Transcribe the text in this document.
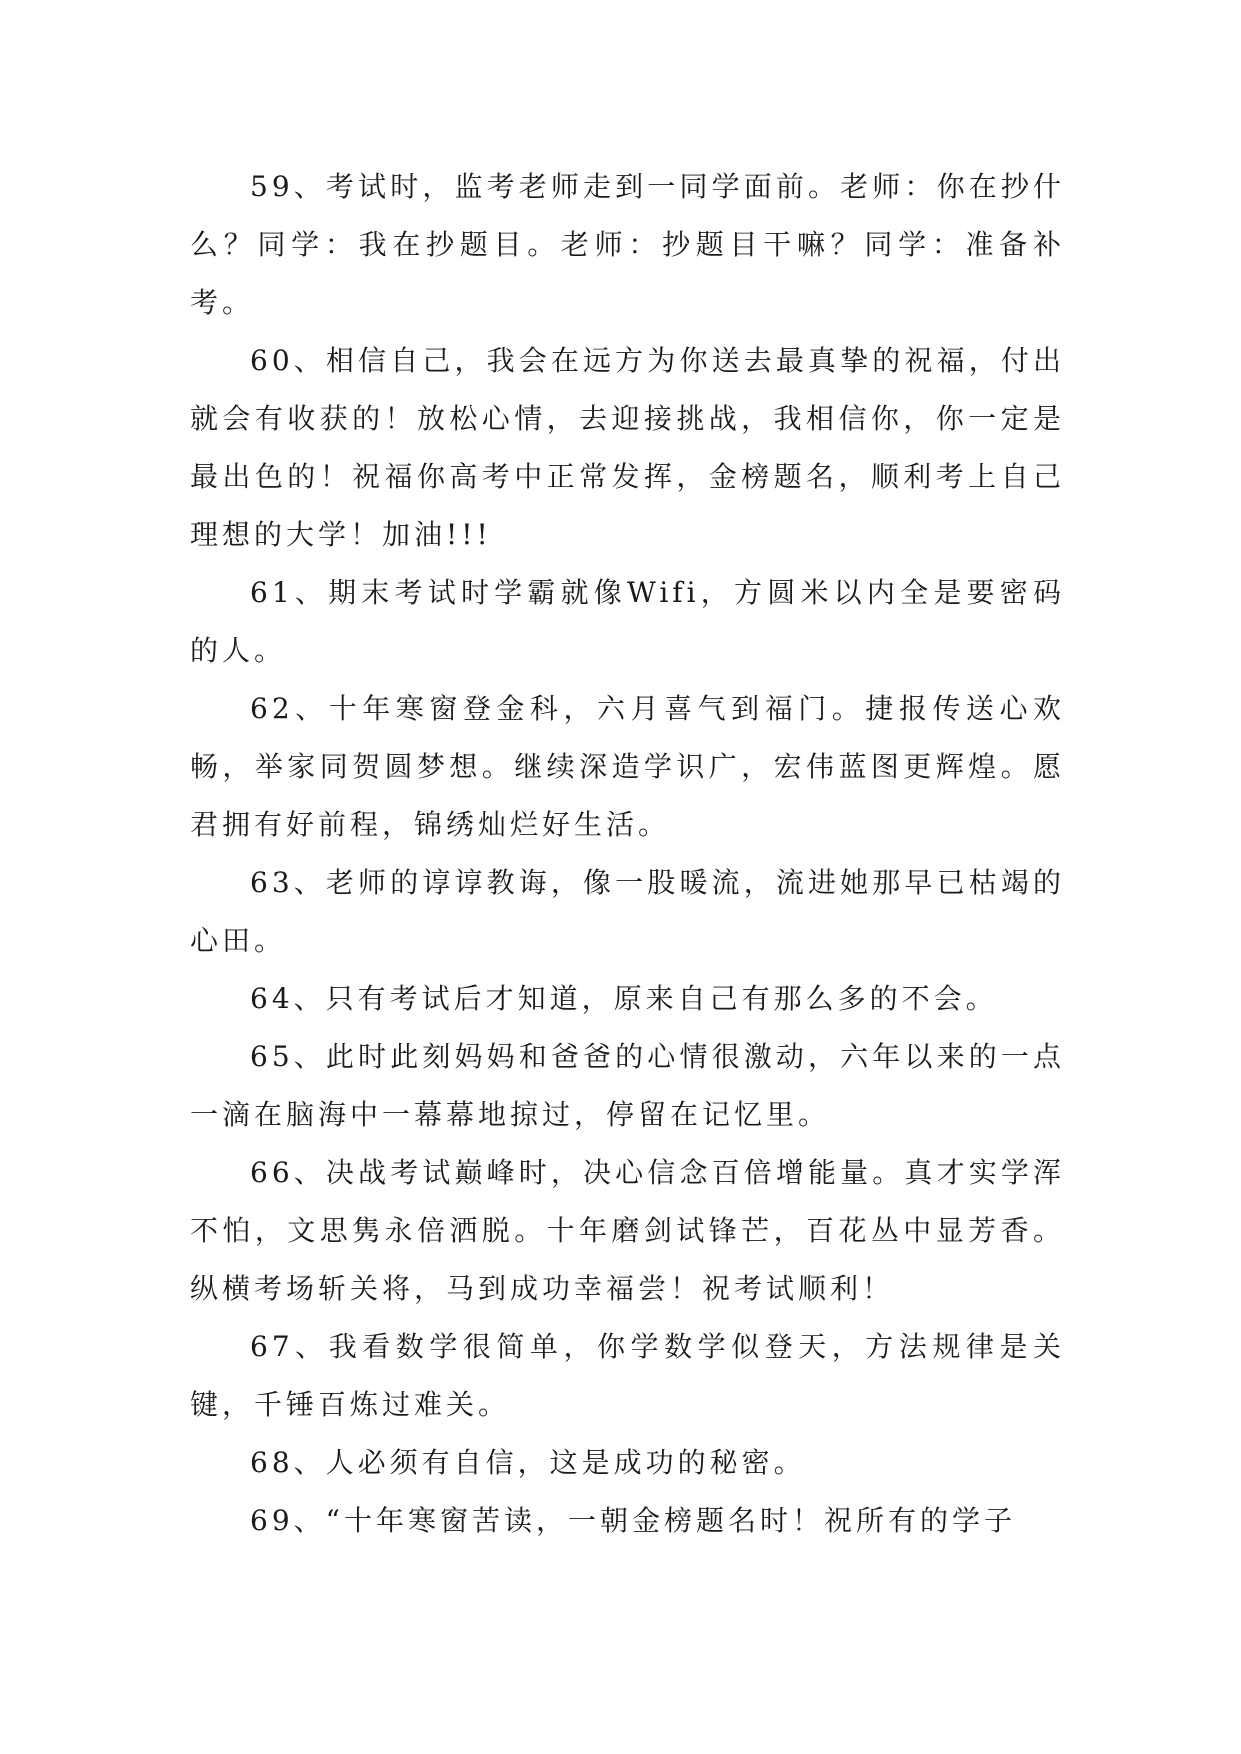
59、考试时，监考老师走到一同学面前。老师：你在抄什么？同学：我在抄题目。老师：抄题目干嘛？同学：准备补考。

60、相信自己，我会在远方为你送去最真挚的祝福，付出就会有收获的！放松心情，去迎接挑战，我相信你，你一定是最出色的！祝福你高考中正常发挥，金榜题名，顺利考上自己理想的大学！加油!!!

61、期末考试时学霸就像Wifi，方圆米以内全是要密码的人。

62、十年寒窗登金科，六月喜气到福门。捷报传送心欢畅，举家同贺圆梦想。继续深造学识广，宏伟蓝图更辉煌。愿君拥有好前程，锦绣灿烂好生活。

63、老师的谆谆教诲，像一股暖流，流进她那早已枯竭的心田。

64、只有考试后才知道，原来自己有那么多的不会。

65、此时此刻妈妈和爸爸的心情很激动，六年以来的一点一滴在脑海中一幕幕地掠过，停留在记忆里。

66、决战考试巅峰时，决心信念百倍增能量。真才实学浑不怕，文思隽永倍洒脱。十年磨剑试锋芒，百花丛中显芳香。纵横考场斩关将，马到成功幸福尝！祝考试顺利！

67、我看数学很简单，你学数学似登天，方法规律是关键，千锤百炼过难关。

68、人必须有自信，这是成功的秘密。

69、“十年寒窗苦读，一朝金榜题名时！祝所有的学子
